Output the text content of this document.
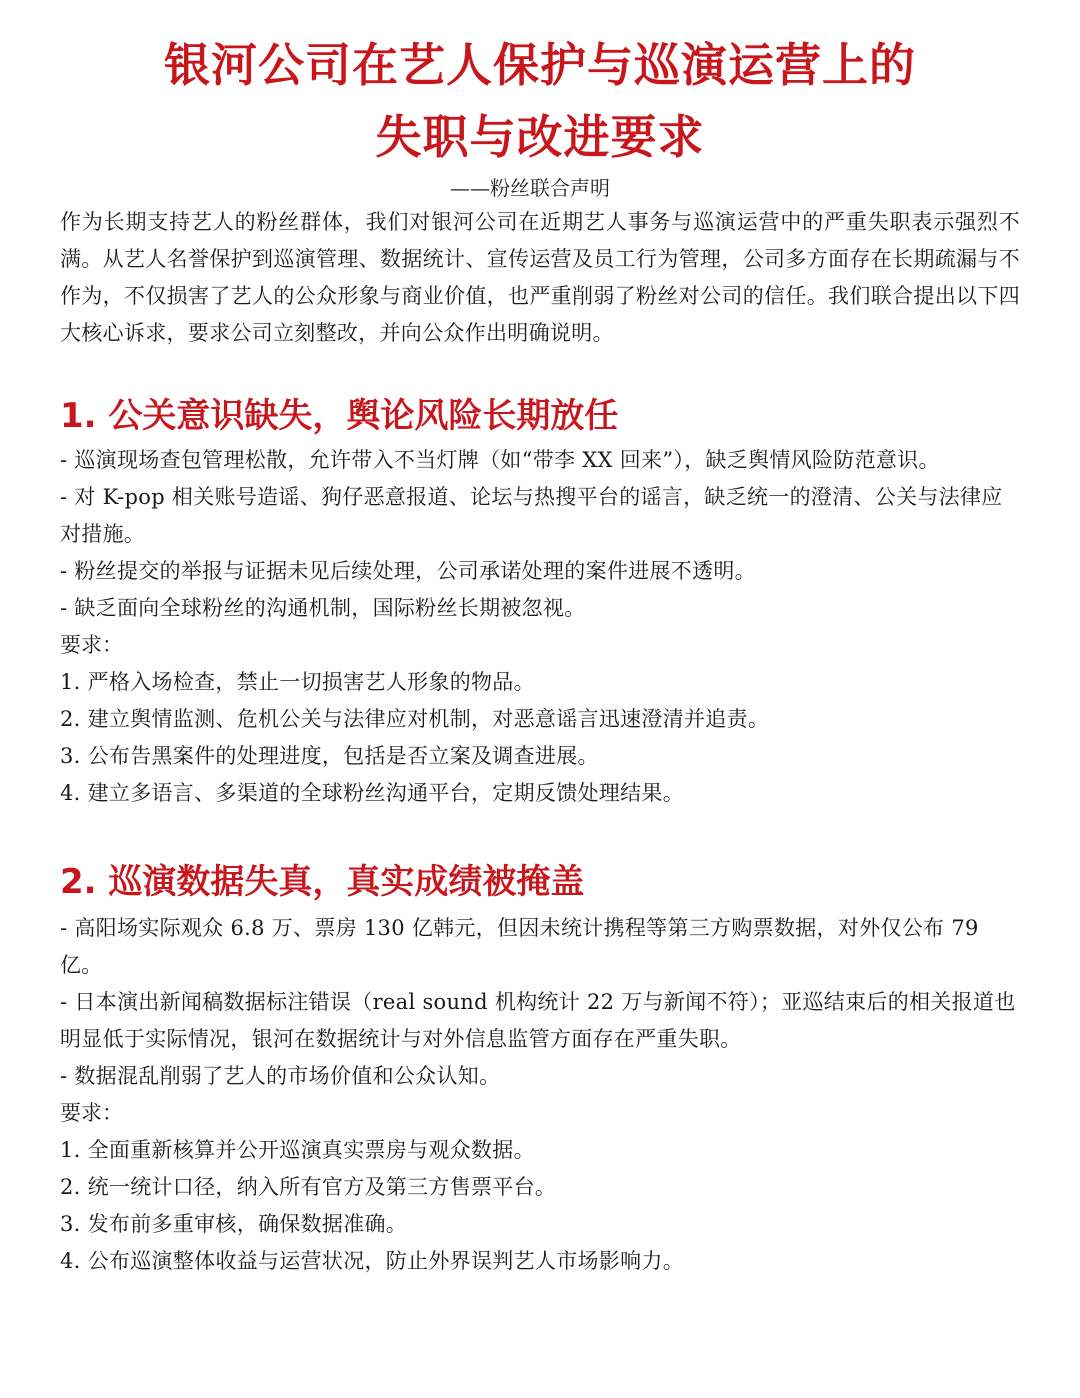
银河公司在艺人保护与巡演运营上的
失职与改进要求

——粉丝联合声明

作为长期支持艺人的粉丝群体，我们对银河公司在近期艺人事务与巡演运营中的严重失职表示强烈不满。从艺人名誉保护到巡演管理、数据统计、宣传运营及员工行为管理，公司多方面存在长期疏漏与不作为，不仅损害了艺人的公众形象与商业价值，也严重削弱了粉丝对公司的信任。我们联合提出以下四大核心诉求，要求公司立刻整改，并向公众作出明确说明。

1. 公关意识缺失，舆论风险长期放任
- 巡演现场查包管理松散，允许带入不当灯牌（如“带李 XX 回来”），缺乏舆情风险防范意识。
- 对 K-pop 相关账号造谣、狗仔恶意报道、论坛与热搜平台的谣言，缺乏统一的澄清、公关与法律应对措施。
- 粉丝提交的举报与证据未见后续处理，公司承诺处理的案件进展不透明。
- 缺乏面向全球粉丝的沟通机制，国际粉丝长期被忽视。

要求：

1. 严格入场检查，禁止一切损害艺人形象的物品。
2. 建立舆情监测、危机公关与法律应对机制，对恶意谣言迅速澄清并追责。
3. 公布告黑案件的处理进度，包括是否立案及调查进展。
4. 建立多语言、多渠道的全球粉丝沟通平台，定期反馈处理结果。
2. 巡演数据失真，真实成绩被掩盖
- 高阳场实际观众 6.8 万、票房 130 亿韩元，但因未统计携程等第三方购票数据，对外仅公布 79 亿。
- 日本演出新闻稿数据标注错误（real sound 机构统计 22 万与新闻不符）；亚巡结束后的相关报道也明显低于实际情况，银河在数据统计与对外信息监管方面存在严重失职。
- 数据混乱削弱了艺人的市场价值和公众认知。

要求：

1. 全面重新核算并公开巡演真实票房与观众数据。
2. 统一统计口径，纳入所有官方及第三方售票平台。
3. 发布前多重审核，确保数据准确。
4. 公布巡演整体收益与运营状况，防止外界误判艺人市场影响力。
